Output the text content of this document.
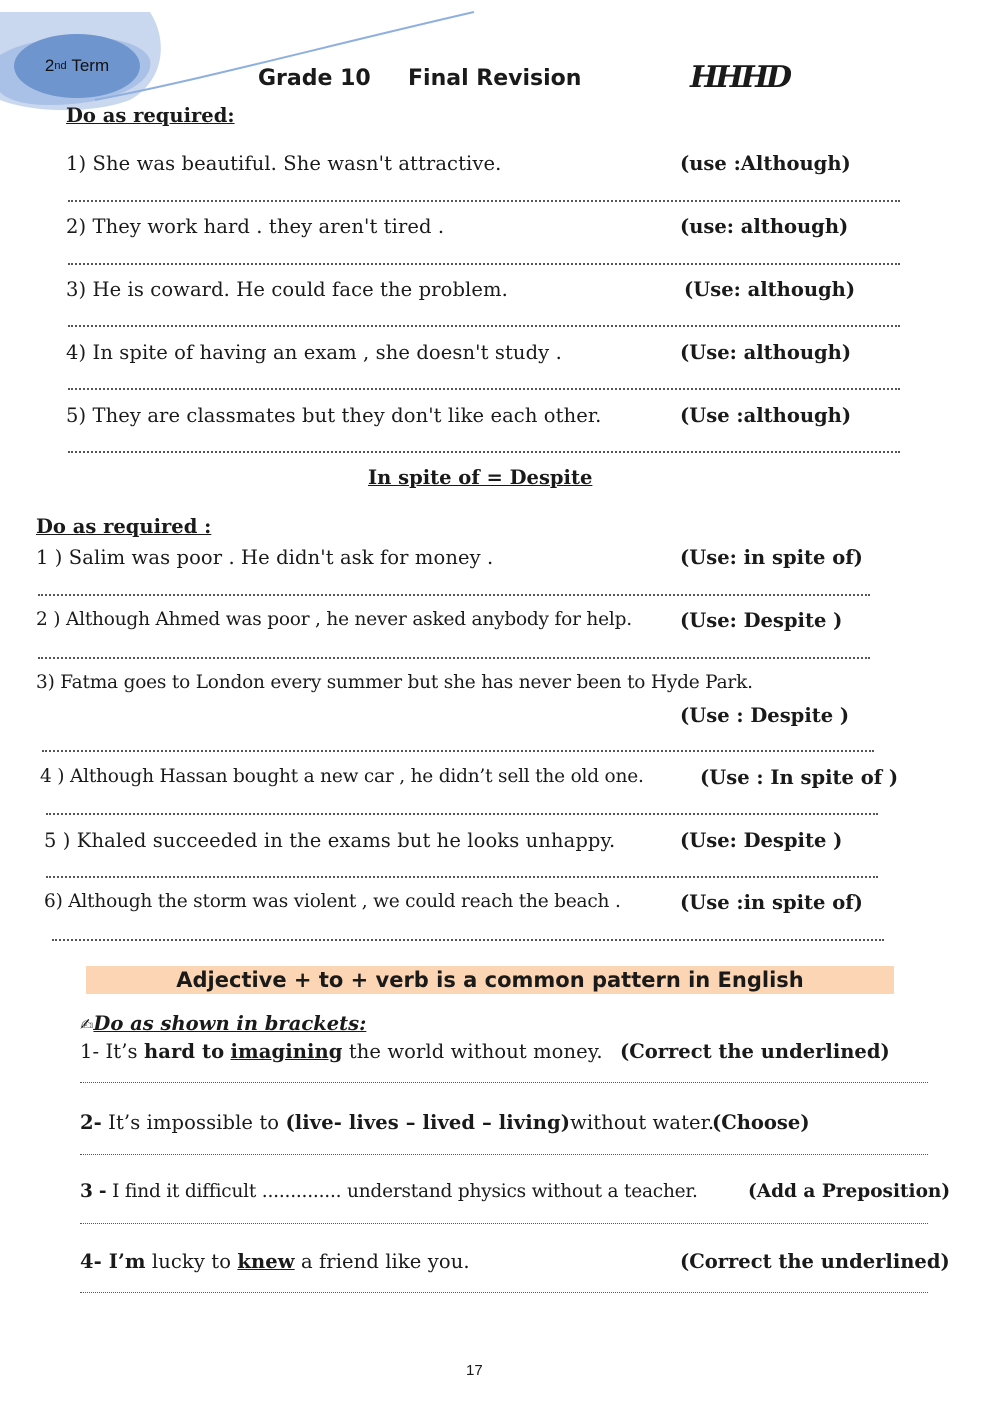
2 nd
Term
Grade 10 Final Revision	HHHD
Do as required:
1) She was beautiful. She wasn't attractive.	(use :Although)
2) They work hard . they aren't tired .	(use: although)
3) He is coward. He could face the problem.	(Use: although)
4) In spite of having an exam , she doesn't study .	(Use: although)
5) They are classmates but they don't like each other.	(Use :although)
In spite of = Despite
Do as required :
1 ) Salim was poor . He didn't ask for money .	(Use: in spite of)
2 ) Although Ahmed was poor , he never asked anybody for help. (Use: Despite )
3) Fatma goes to London every summer but she has never been to Hyde Park.
(Use : Despite )
4 ) Although Hassan bought a new car , he didn’t sell the old one.	(Use : In spite of )
5 ) Khaled succeeded in the exams but he looks unhappy.	(Use: Despite )
6) Although the storm was violent , we could reach the beach .	(Use :in spite of)
Adjective + to + verb is a common pattern in English
✍Do as shown in brackets:
1- It’s hard to imagining the world without money. (Correct the underlined)
2- It’s impossible to (live- lives – lived – living)without water.
(Choose)
3 - I find it difficult .............. understand physics without a teacher.	(Add a Preposition)
4- I’m lucky to knew a friend like you.	(Correct the underlined)
17
